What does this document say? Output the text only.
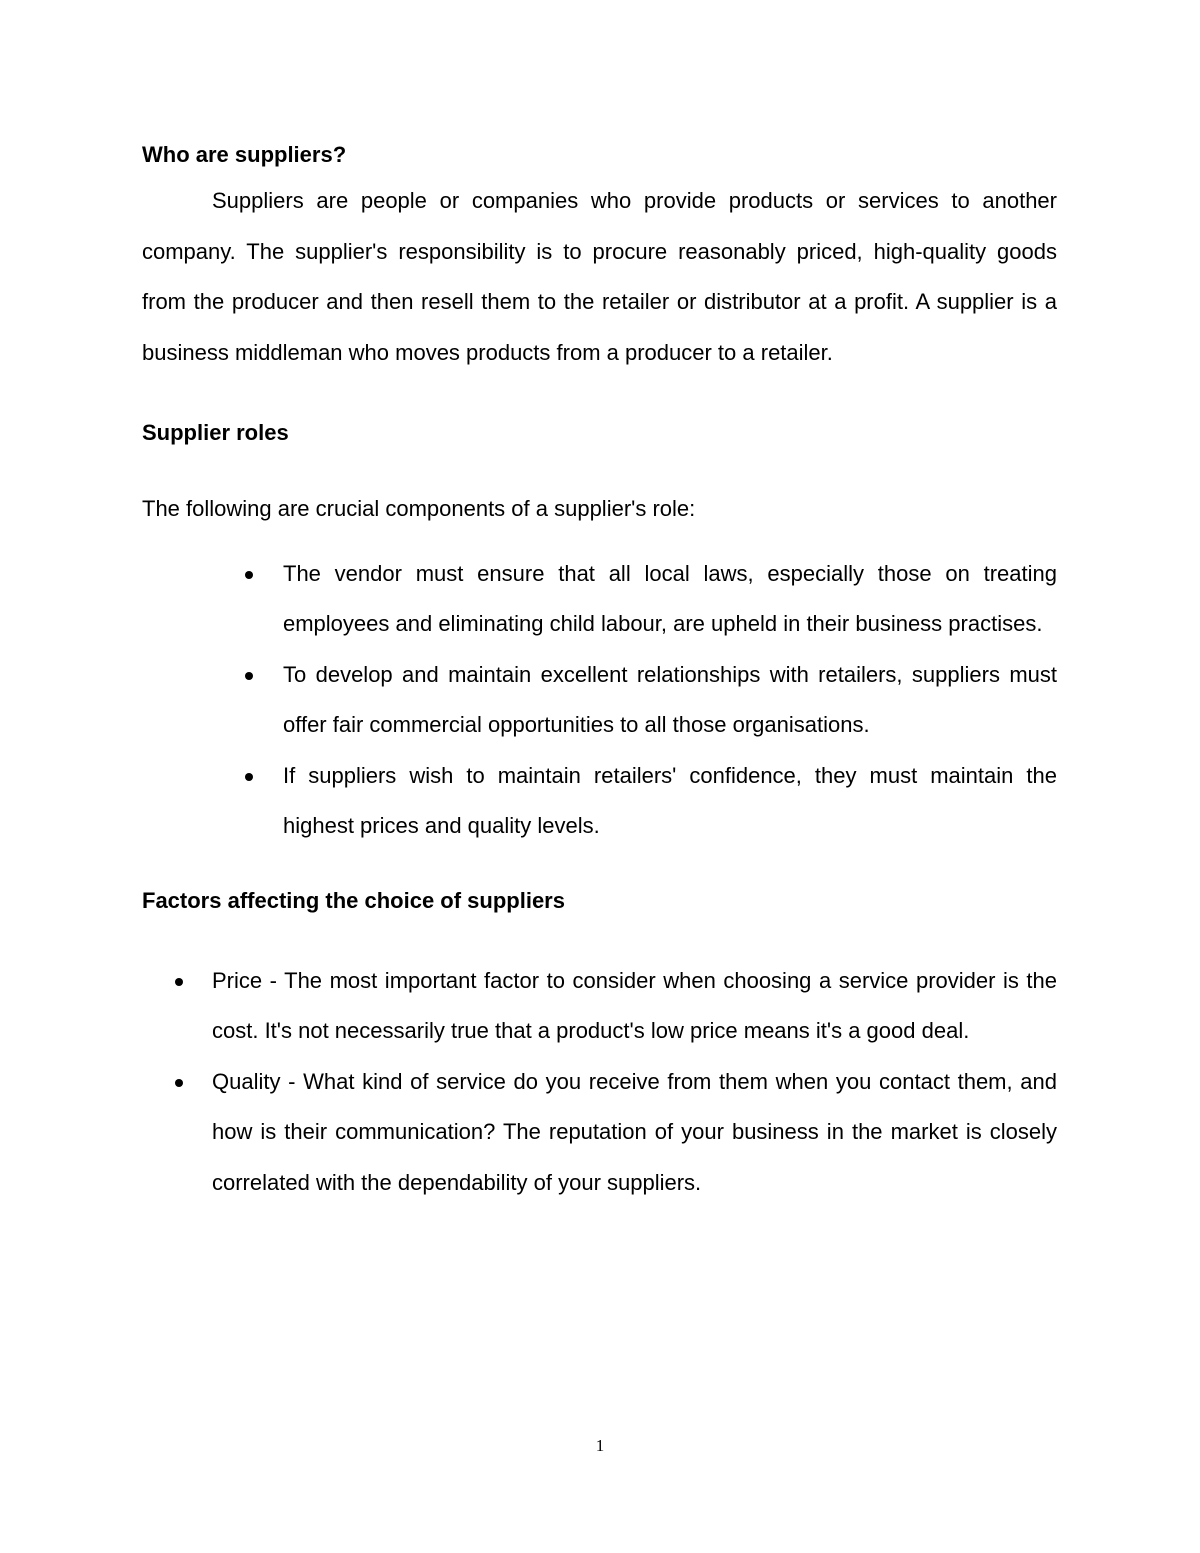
Who are suppliers?

Suppliers are people or companies who provide products or services to another company. The supplier's responsibility is to procure reasonably priced, high-quality goods from the producer and then resell them to the retailer or distributor at a profit. A supplier is a business middleman who moves products from a producer to a retailer.

Supplier roles

The following are crucial components of a supplier's role:

The vendor must ensure that all local laws, especially those on treating employees and eliminating child labour, are upheld in their business practises.
To develop and maintain excellent relationships with retailers, suppliers must offer fair commercial opportunities to all those organisations.
If suppliers wish to maintain retailers' confidence, they must maintain the highest prices and quality levels.
Factors affecting the choice of suppliers
Price - The most important factor to consider when choosing a service provider is the cost. It's not necessarily true that a product's low price means it's a good deal.
Quality - What kind of service do you receive from them when you contact them, and how is their communication? The reputation of your business in the market is closely correlated with the dependability of your suppliers.
1
